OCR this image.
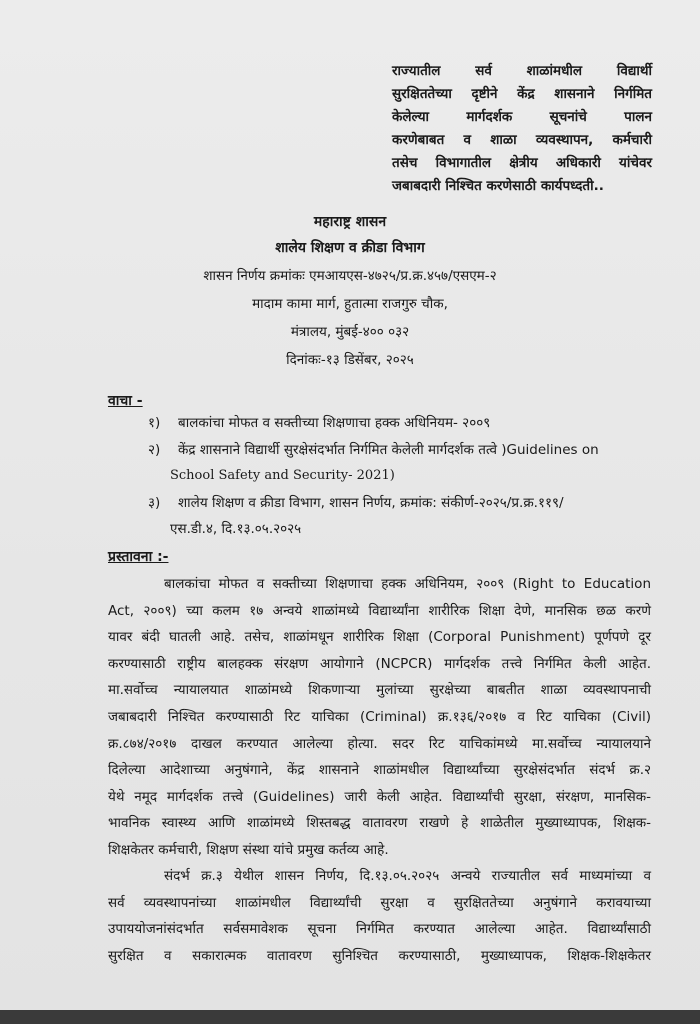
राज्यातील सर्व शाळांमधील विद्यार्थी
सुरक्षिततेच्या दृष्टीने केंद्र शासनाने निर्गमित
केलेल्या मार्गदर्शक सूचनांचे पालन
करणेबाबत व शाळा व्यवस्थापन, कर्मचारी
तसेच विभागातील क्षेत्रीय अधिकारी यांचेवर
जबाबदारी निश्चित करणेसाठी कार्यपध्दती..
महाराष्ट्र शासन
शालेय शिक्षण व क्रीडा विभाग
शासन निर्णय क्रमांकः एमआयएस-४७२५/प्र.क्र.४५७/एसएम-२
मादाम कामा मार्ग, हुतात्मा राजगुरु चौक,
मंत्रालय, मुंबई-४०० ०३२
दिनांकः-१३ डिसेंबर, २०२५
वाचा -
१) बालकांचा मोफत व सक्तीच्या शिक्षणाचा हक्क अधिनियम- २००९
२) केंद्र शासनाने विद्यार्थी सुरक्षेसंदर्भात निर्गमित केलेली मार्गदर्शक तत्वे )Guidelines on
School Safety and Security- 2021)
३) शालेय शिक्षण व क्रीडा विभाग, शासन निर्णय, क्रमांक: संकीर्ण-२०२५/प्र.क्र.११९/
एस.डी.४, दि.१३.०५.२०२५
प्रस्तावना :-
बालकांचा मोफत व सक्तीच्या शिक्षणाचा हक्क अधिनियम, २००९ (Right to Education
Act, २००९) च्या कलम १७ अन्वये शाळांमध्ये विद्यार्थ्यांना शारीरिक शिक्षा देणे, मानसिक छळ करणे
यावर बंदी घातली आहे. तसेच, शाळांमधून शारीरिक शिक्षा (Corporal Punishment) पूर्णपणे दूर
करण्यासाठी राष्ट्रीय बालहक्क संरक्षण आयोगाने (NCPCR) मार्गदर्शक तत्त्वे निर्गमित केली आहेत.
मा.सर्वोच्च न्यायालयात शाळांमध्ये शिकणाऱ्या मुलांच्या सुरक्षेच्या बाबतीत शाळा व्यवस्थापनाची
जबाबदारी निश्चित करण्यासाठी रिट याचिका (Criminal) क्र.१३६/२०१७ व रिट याचिका (Civil)
क्र.८७४/२०१७ दाखल करण्यात आलेल्या होत्या. सदर रिट याचिकांमध्ये मा.सर्वोच्च न्यायालयाने
दिलेल्या आदेशाच्या अनुषंगाने, केंद्र शासनाने शाळांमधील विद्यार्थ्यांच्या सुरक्षेसंदर्भात संदर्भ क्र.२
येथे नमूद मार्गदर्शक तत्त्वे (Guidelines) जारी केली आहेत. विद्यार्थ्यांची सुरक्षा, संरक्षण, मानसिक-
भावनिक स्वास्थ्य आणि शाळांमध्ये शिस्तबद्ध वातावरण राखणे हे शाळेतील मुख्याध्यापक, शिक्षक-
शिक्षकेतर कर्मचारी, शिक्षण संस्था यांचे प्रमुख कर्तव्य आहे.
संदर्भ क्र.३ येथील शासन निर्णय, दि.१३.०५.२०२५ अन्वये राज्यातील सर्व माध्यमांच्या व
सर्व व्यवस्थापनांच्या शाळांमधील विद्यार्थ्यांची सुरक्षा व सुरक्षिततेच्या अनुषंगाने करावयाच्या
उपाययोजनांसंदर्भात सर्वसमावेशक सूचना निर्गमित करण्यात आलेल्या आहेत. विद्यार्थ्यांसाठी
सुरक्षित व सकारात्मक वातावरण सुनिश्चित करण्यासाठी, मुख्याध्यापक, शिक्षक-शिक्षकेतर
